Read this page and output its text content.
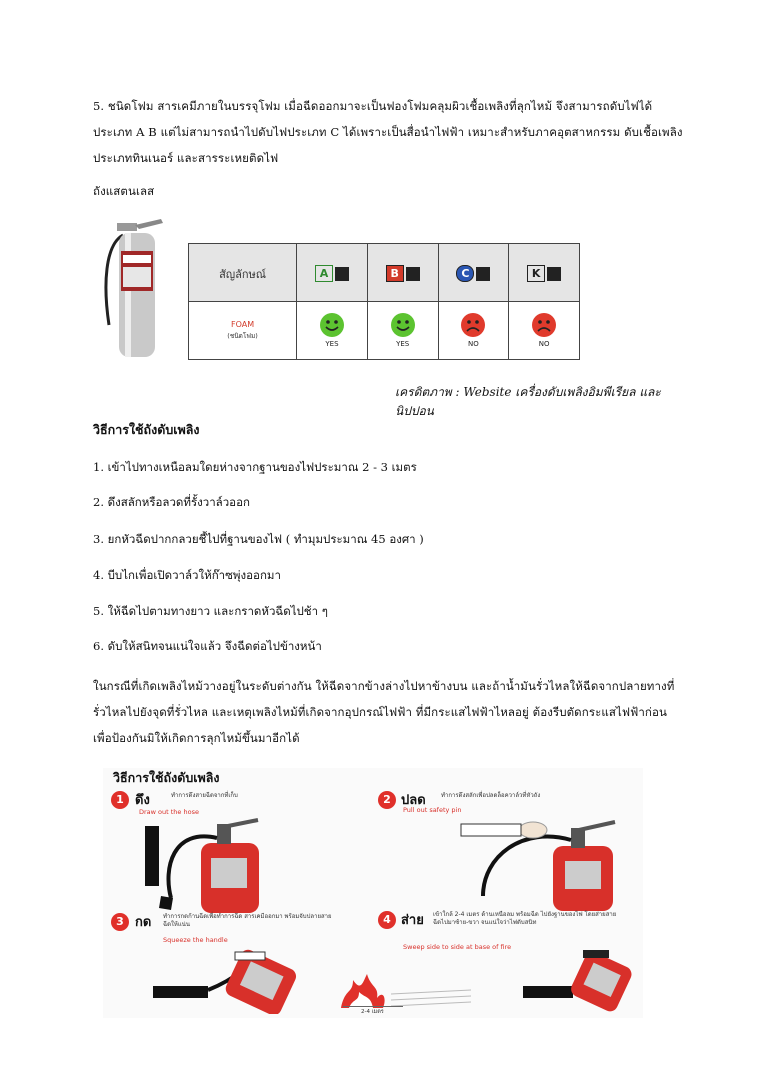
5. ชนิดโฟม สารเคมีภายในบรรจุโฟม เมื่อฉีดออกมาจะเป็นฟองโฟมคลุมผิวเชื้อเพลิงที่ลุกไหม้ จึงสามารถดับไฟได้
ประเภท A B แต่ไม่สามารถนำไปดับไฟประเภท C ได้เพราะเป็นสื่อนำไฟฟ้า เหมาะสำหรับภาคอุตสาหกรรม ดับเชื้อเพลิง
ประเภททินเนอร์ และสารระเหยติดไฟ
ถังแสตนเลส
สัญลักษณ์	A	B	C	K

FOAM
(ชนิดโฟม)	YES	YES	NO	NO
เครดิตภาพ : Website เครื่องดับเพลิงอิมพีเรียล และนิปปอน
วิธีการใช้ถังดับเพลิง
1. เข้าไปทางเหนือลมใดยห่างจากฐานของไฟประมาณ 2 - 3 เมตร
2. ดึงสลักหรือลวดที่รั้งวาล์วออก
3. ยกหัวฉีดปากกลวยชี้ไปที่ฐานของไฟ ( ทำมุมประมาณ 45 องศา )
4. บีบไกเพื่อเปิดวาล์วให้ก๊าซพุ่งออกมา
5. ให้ฉีดไปตามทางยาว และกราดหัวฉีดไปช้า ๆ
6. ดับให้สนิทจนแน่ใจแล้ว จึงฉีดต่อไปข้างหน้า
ในกรณีที่เกิดเพลิงไหม้วางอยู่ในระดับต่างกัน ให้ฉีดจากข้างล่างไปหาข้างบน และถ้าน้ำมันรั่วไหลให้ฉีดจากปลายทางที่
รั่วไหลไปยังจุดที่รั่วไหล และเหตุเพลิงไหม้ที่เกิดจากอุปกรณ์ไฟฟ้า ที่มีกระแสไฟฟ้าไหลอยู่ ต้องรีบตัดกระแสไฟฟ้าก่อน
เพื่อป้องกันมิให้เกิดการลุกไหม้ขึ้นมาอีกได้
วิธีการใช้ถังดับเพลิง
1 ดึง	ทำการดึงสายฉีดจากที่เก็บ
Draw out the hose
2 ปลด	ทำการดึงสลักเพื่อปลดล็อควาล์วที่หัวถัง
Pull out safety pin
3 กด ทำการกดก้านฉีดเพื่อทำการฉีด สารเคมีออกมา พร้อมจับปลายสายฉีดให้แน่น
Squeeze the handle
4 ส่าย เข้าใกล้ 2-4 เมตร ด้านเหนือลม พร้อมฉีด ไปยังฐานของไฟ โดยส่ายสายฉีดไปมาซ้าย-ขวา จนแน่ใจว่าไฟดับสนิท
Sweep side to side at base of fire
2-4 เมตร
